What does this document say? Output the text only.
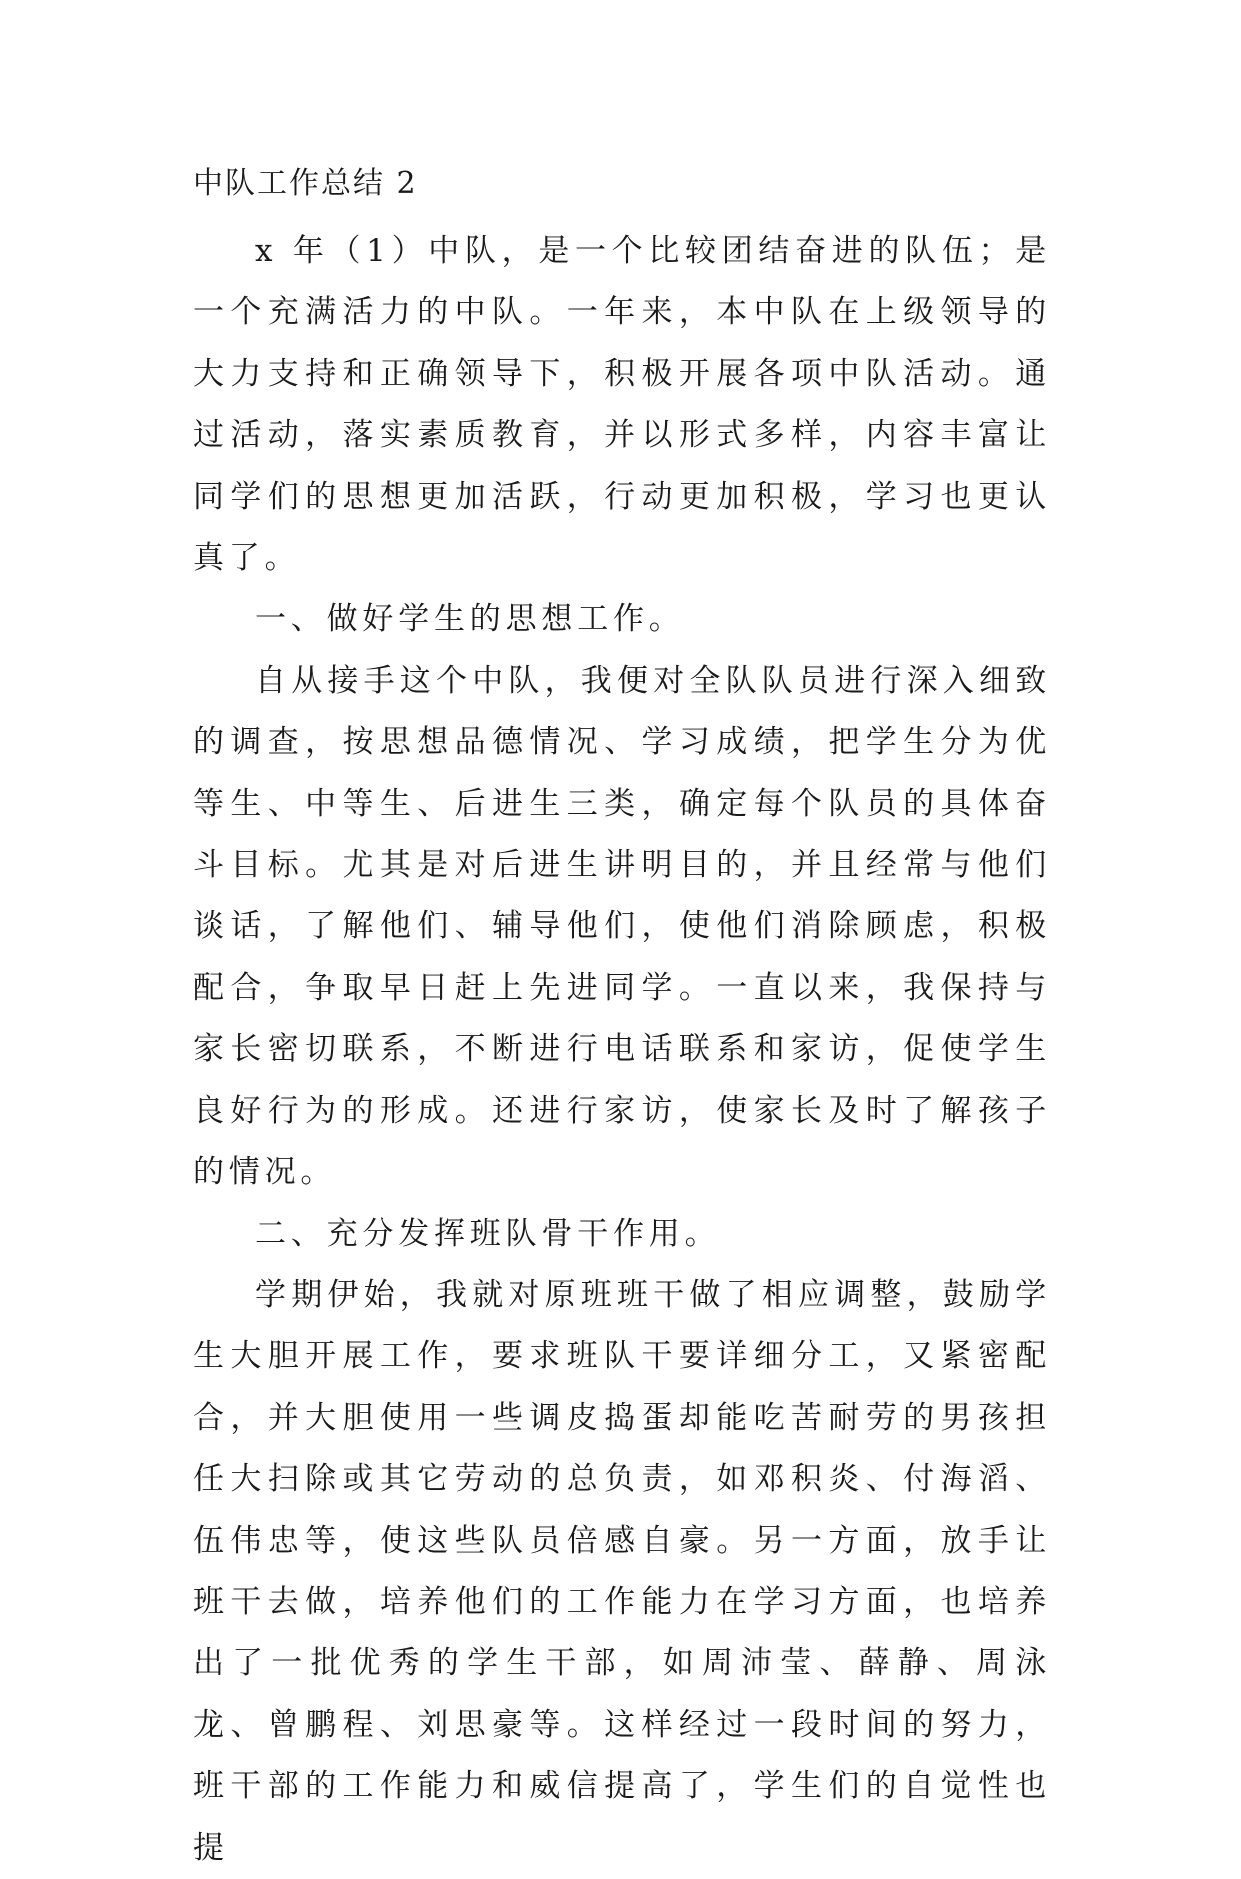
中队工作总结 2

x 年（1）中队，是一个比较团结奋进的队伍；是一个充满活力的中队。一年来，本中队在上级领导的大力支持和正确领导下，积极开展各项中队活动。通过活动，落实素质教育，并以形式多样，内容丰富让同学们的思想更加活跃，行动更加积极，学习也更认真了。

一、做好学生的思想工作。

自从接手这个中队，我便对全队队员进行深入细致的调查，按思想品德情况、学习成绩，把学生分为优等生、中等生、后进生三类，确定每个队员的具体奋斗目标。尤其是对后进生讲明目的，并且经常与他们谈话，了解他们、辅导他们，使他们消除顾虑，积极配合，争取早日赶上先进同学。一直以来，我保持与家长密切联系，不断进行电话联系和家访，促使学生良好行为的形成。还进行家访，使家长及时了解孩子的情况。

二、充分发挥班队骨干作用。

学期伊始，我就对原班班干做了相应调整，鼓励学生大胆开展工作，要求班队干要详细分工，又紧密配合，并大胆使用一些调皮捣蛋却能吃苦耐劳的男孩担任大扫除或其它劳动的总负责，如邓积炎、付海滔、伍伟忠等，使这些队员倍感自豪。另一方面，放手让班干去做，培养他们的工作能力在学习方面，也培养出了一批优秀的学生干部，如周沛莹、薛静、周泳龙、曾鹏程、刘思豪等。这样经过一段时间的努力，班干部的工作能力和威信提高了，学生们的自觉性也提
